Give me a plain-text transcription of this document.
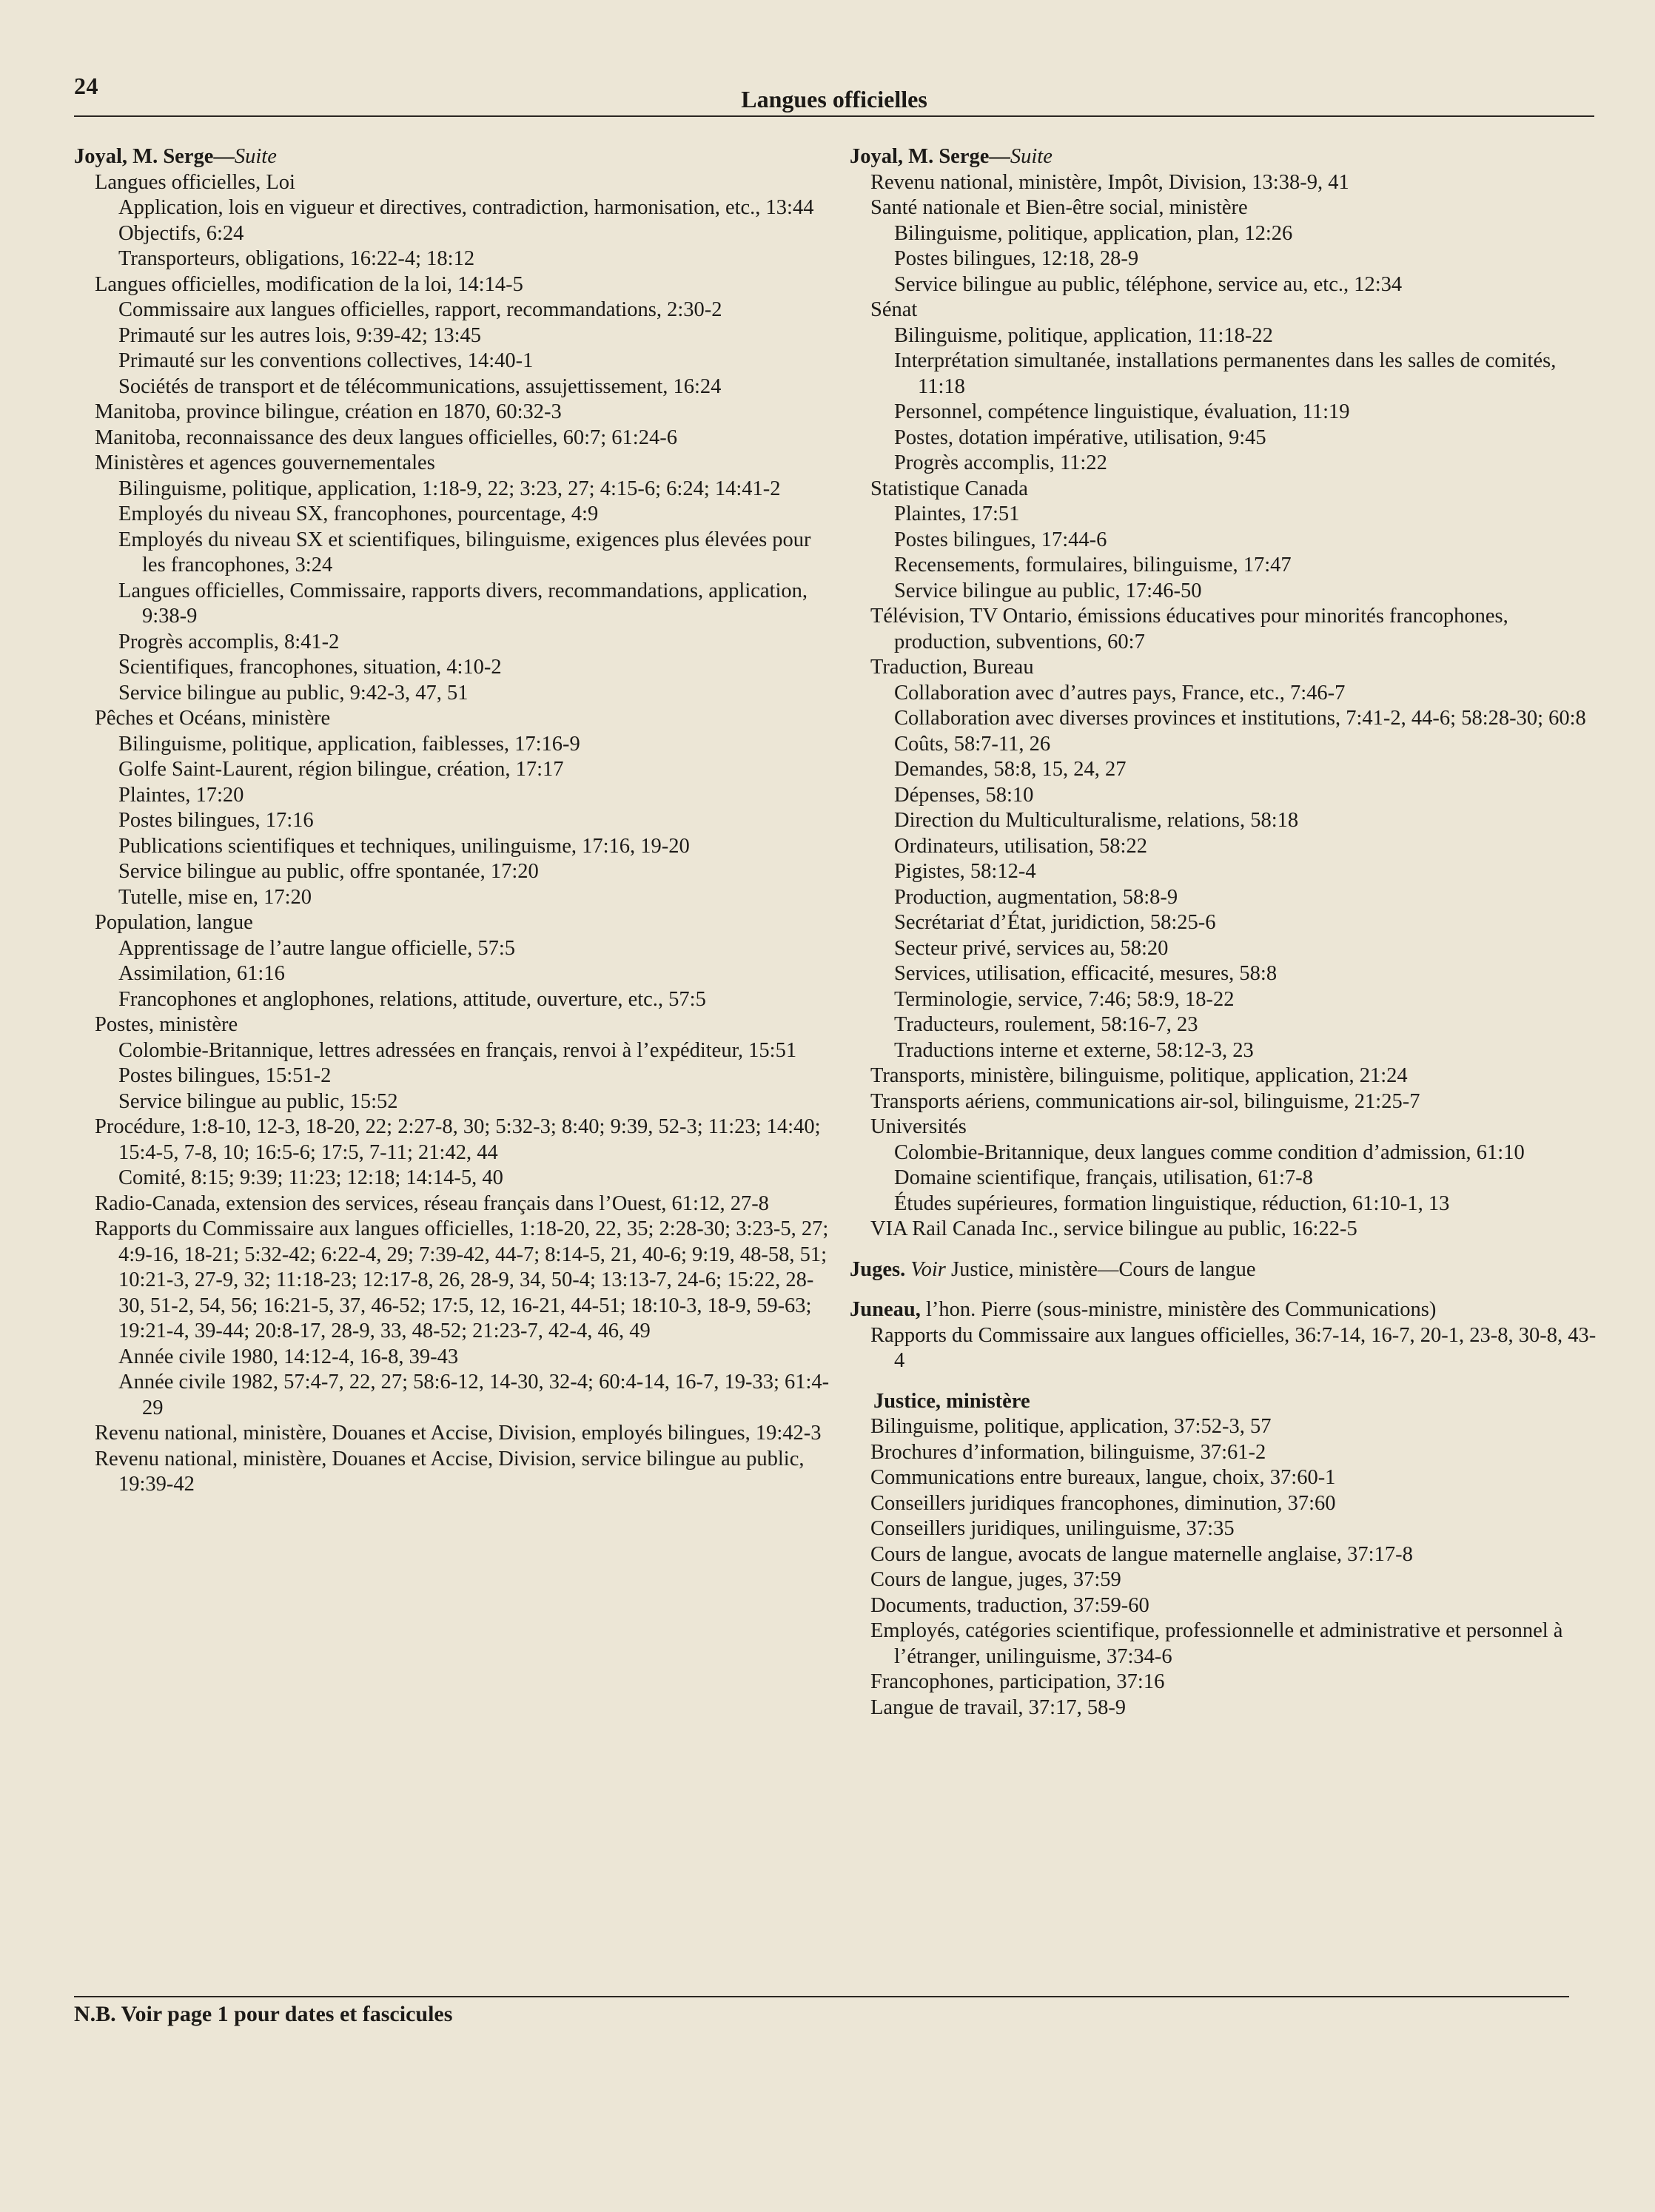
24	Langues officielles
Joyal, M. Serge—Suite
Langues officielles, Loi
Application, lois en vigueur et directives, contradiction, harmonisation, etc., 13:44
Objectifs, 6:24
Transporteurs, obligations, 16:22-4; 18:12
Langues officielles, modification de la loi, 14:14-5
Commissaire aux langues officielles, rapport, recommandations, 2:30-2
Primauté sur les autres lois, 9:39-42; 13:45
Primauté sur les conventions collectives, 14:40-1
Sociétés de transport et de télécommunications, assujettissement, 16:24
Manitoba, province bilingue, création en 1870, 60:32-3
Manitoba, reconnaissance des deux langues officielles, 60:7; 61:24-6
Ministères et agences gouvernementales
Bilinguisme, politique, application, 1:18-9, 22; 3:23, 27; 4:15-6; 6:24; 14:41-2
Employés du niveau SX, francophones, pourcentage, 4:9
Employés du niveau SX et scientifiques, bilinguisme, exigences plus élevées pour les francophones, 3:24
Langues officielles, Commissaire, rapports divers, recommandations, application, 9:38-9
Progrès accomplis, 8:41-2
Scientifiques, francophones, situation, 4:10-2
Service bilingue au public, 9:42-3, 47, 51
Pêches et Océans, ministère
Bilinguisme, politique, application, faiblesses, 17:16-9
Golfe Saint-Laurent, région bilingue, création, 17:17
Plaintes, 17:20
Postes bilingues, 17:16
Publications scientifiques et techniques, unilinguisme, 17:16, 19-20
Service bilingue au public, offre spontanée, 17:20
Tutelle, mise en, 17:20
Population, langue
Apprentissage de l’autre langue officielle, 57:5
Assimilation, 61:16
Francophones et anglophones, relations, attitude, ouverture, etc., 57:5
Postes, ministère
Colombie-Britannique, lettres adressées en français, renvoi à l’expéditeur, 15:51
Postes bilingues, 15:51-2
Service bilingue au public, 15:52
Procédure, 1:8-10, 12-3, 18-20, 22; 2:27-8, 30; 5:32-3; 8:40; 9:39, 52-3; 11:23; 14:40; 15:4-5, 7-8, 10; 16:5-6; 17:5, 7-11; 21:42, 44
Comité, 8:15; 9:39; 11:23; 12:18; 14:14-5, 40
Radio-Canada, extension des services, réseau français dans l’Ouest, 61:12, 27-8
Rapports du Commissaire aux langues officielles, 1:18-20, 22, 35; 2:28-30; 3:23-5, 27; 4:9-16, 18-21; 5:32-42; 6:22-4, 29; 7:39-42, 44-7; 8:14-5, 21, 40-6; 9:19, 48-58, 51; 10:21-3, 27-9, 32; 11:18-23; 12:17-8, 26, 28-9, 34, 50-4; 13:13-7, 24-6; 15:22, 28-30, 51-2, 54, 56; 16:21-5, 37, 46-52; 17:5, 12, 16-21, 44-51; 18:10-3, 18-9, 59-63; 19:21-4, 39-44; 20:8-17, 28-9, 33, 48-52; 21:23-7, 42-4, 46, 49
Année civile 1980, 14:12-4, 16-8, 39-43
Année civile 1982, 57:4-7, 22, 27; 58:6-12, 14-30, 32-4; 60:4-14, 16-7, 19-33; 61:4-29
Revenu national, ministère, Douanes et Accise, Division, employés bilingues, 19:42-3
Revenu national, ministère, Douanes et Accise, Division, service bilingue au public, 19:39-42
Joyal, M. Serge—Suite
Revenu national, ministère, Impôt, Division, 13:38-9, 41
Santé nationale et Bien-être social, ministère
Bilinguisme, politique, application, plan, 12:26
Postes bilingues, 12:18, 28-9
Service bilingue au public, téléphone, service au, etc., 12:34
Sénat
Bilinguisme, politique, application, 11:18-22
Interprétation simultanée, installations permanentes dans les salles de comités, 11:18
Personnel, compétence linguistique, évaluation, 11:19
Postes, dotation impérative, utilisation, 9:45
Progrès accomplis, 11:22
Statistique Canada
Plaintes, 17:51
Postes bilingues, 17:44-6
Recensements, formulaires, bilinguisme, 17:47
Service bilingue au public, 17:46-50
Télévision, TV Ontario, émissions éducatives pour minorités francophones, production, subventions, 60:7
Traduction, Bureau
Collaboration avec d’autres pays, France, etc., 7:46-7
Collaboration avec diverses provinces et institutions, 7:41-2, 44-6; 58:28-30; 60:8
Coûts, 58:7-11, 26
Demandes, 58:8, 15, 24, 27
Dépenses, 58:10
Direction du Multiculturalisme, relations, 58:18
Ordinateurs, utilisation, 58:22
Pigistes, 58:12-4
Production, augmentation, 58:8-9
Secrétariat d’État, juridiction, 58:25-6
Secteur privé, services au, 58:20
Services, utilisation, efficacité, mesures, 58:8
Terminologie, service, 7:46; 58:9, 18-22
Traducteurs, roulement, 58:16-7, 23
Traductions interne et externe, 58:12-3, 23
Transports, ministère, bilinguisme, politique, application, 21:24
Transports aériens, communications air-sol, bilinguisme, 21:25-7
Universités
Colombie-Britannique, deux langues comme condition d’admission, 61:10
Domaine scientifique, français, utilisation, 61:7-8
Études supérieures, formation linguistique, réduction, 61:10-1, 13
VIA Rail Canada Inc., service bilingue au public, 16:22-5
Juges. Voir Justice, ministère—Cours de langue
Juneau, l’hon. Pierre (sous-ministre, ministère des Communications)
Rapports du Commissaire aux langues officielles, 36:7-14, 16-7, 20-1, 23-8, 30-8, 43-4
Justice, ministère
Bilinguisme, politique, application, 37:52-3, 57
Brochures d’information, bilinguisme, 37:61-2
Communications entre bureaux, langue, choix, 37:60-1
Conseillers juridiques francophones, diminution, 37:60
Conseillers juridiques, unilinguisme, 37:35
Cours de langue, avocats de langue maternelle anglaise, 37:17-8
Cours de langue, juges, 37:59
Documents, traduction, 37:59-60
Employés, catégories scientifique, professionnelle et administrative et personnel à l’étranger, unilinguisme, 37:34-6
Francophones, participation, 37:16
Langue de travail, 37:17, 58-9
N.B. Voir page 1 pour dates et fascicules
